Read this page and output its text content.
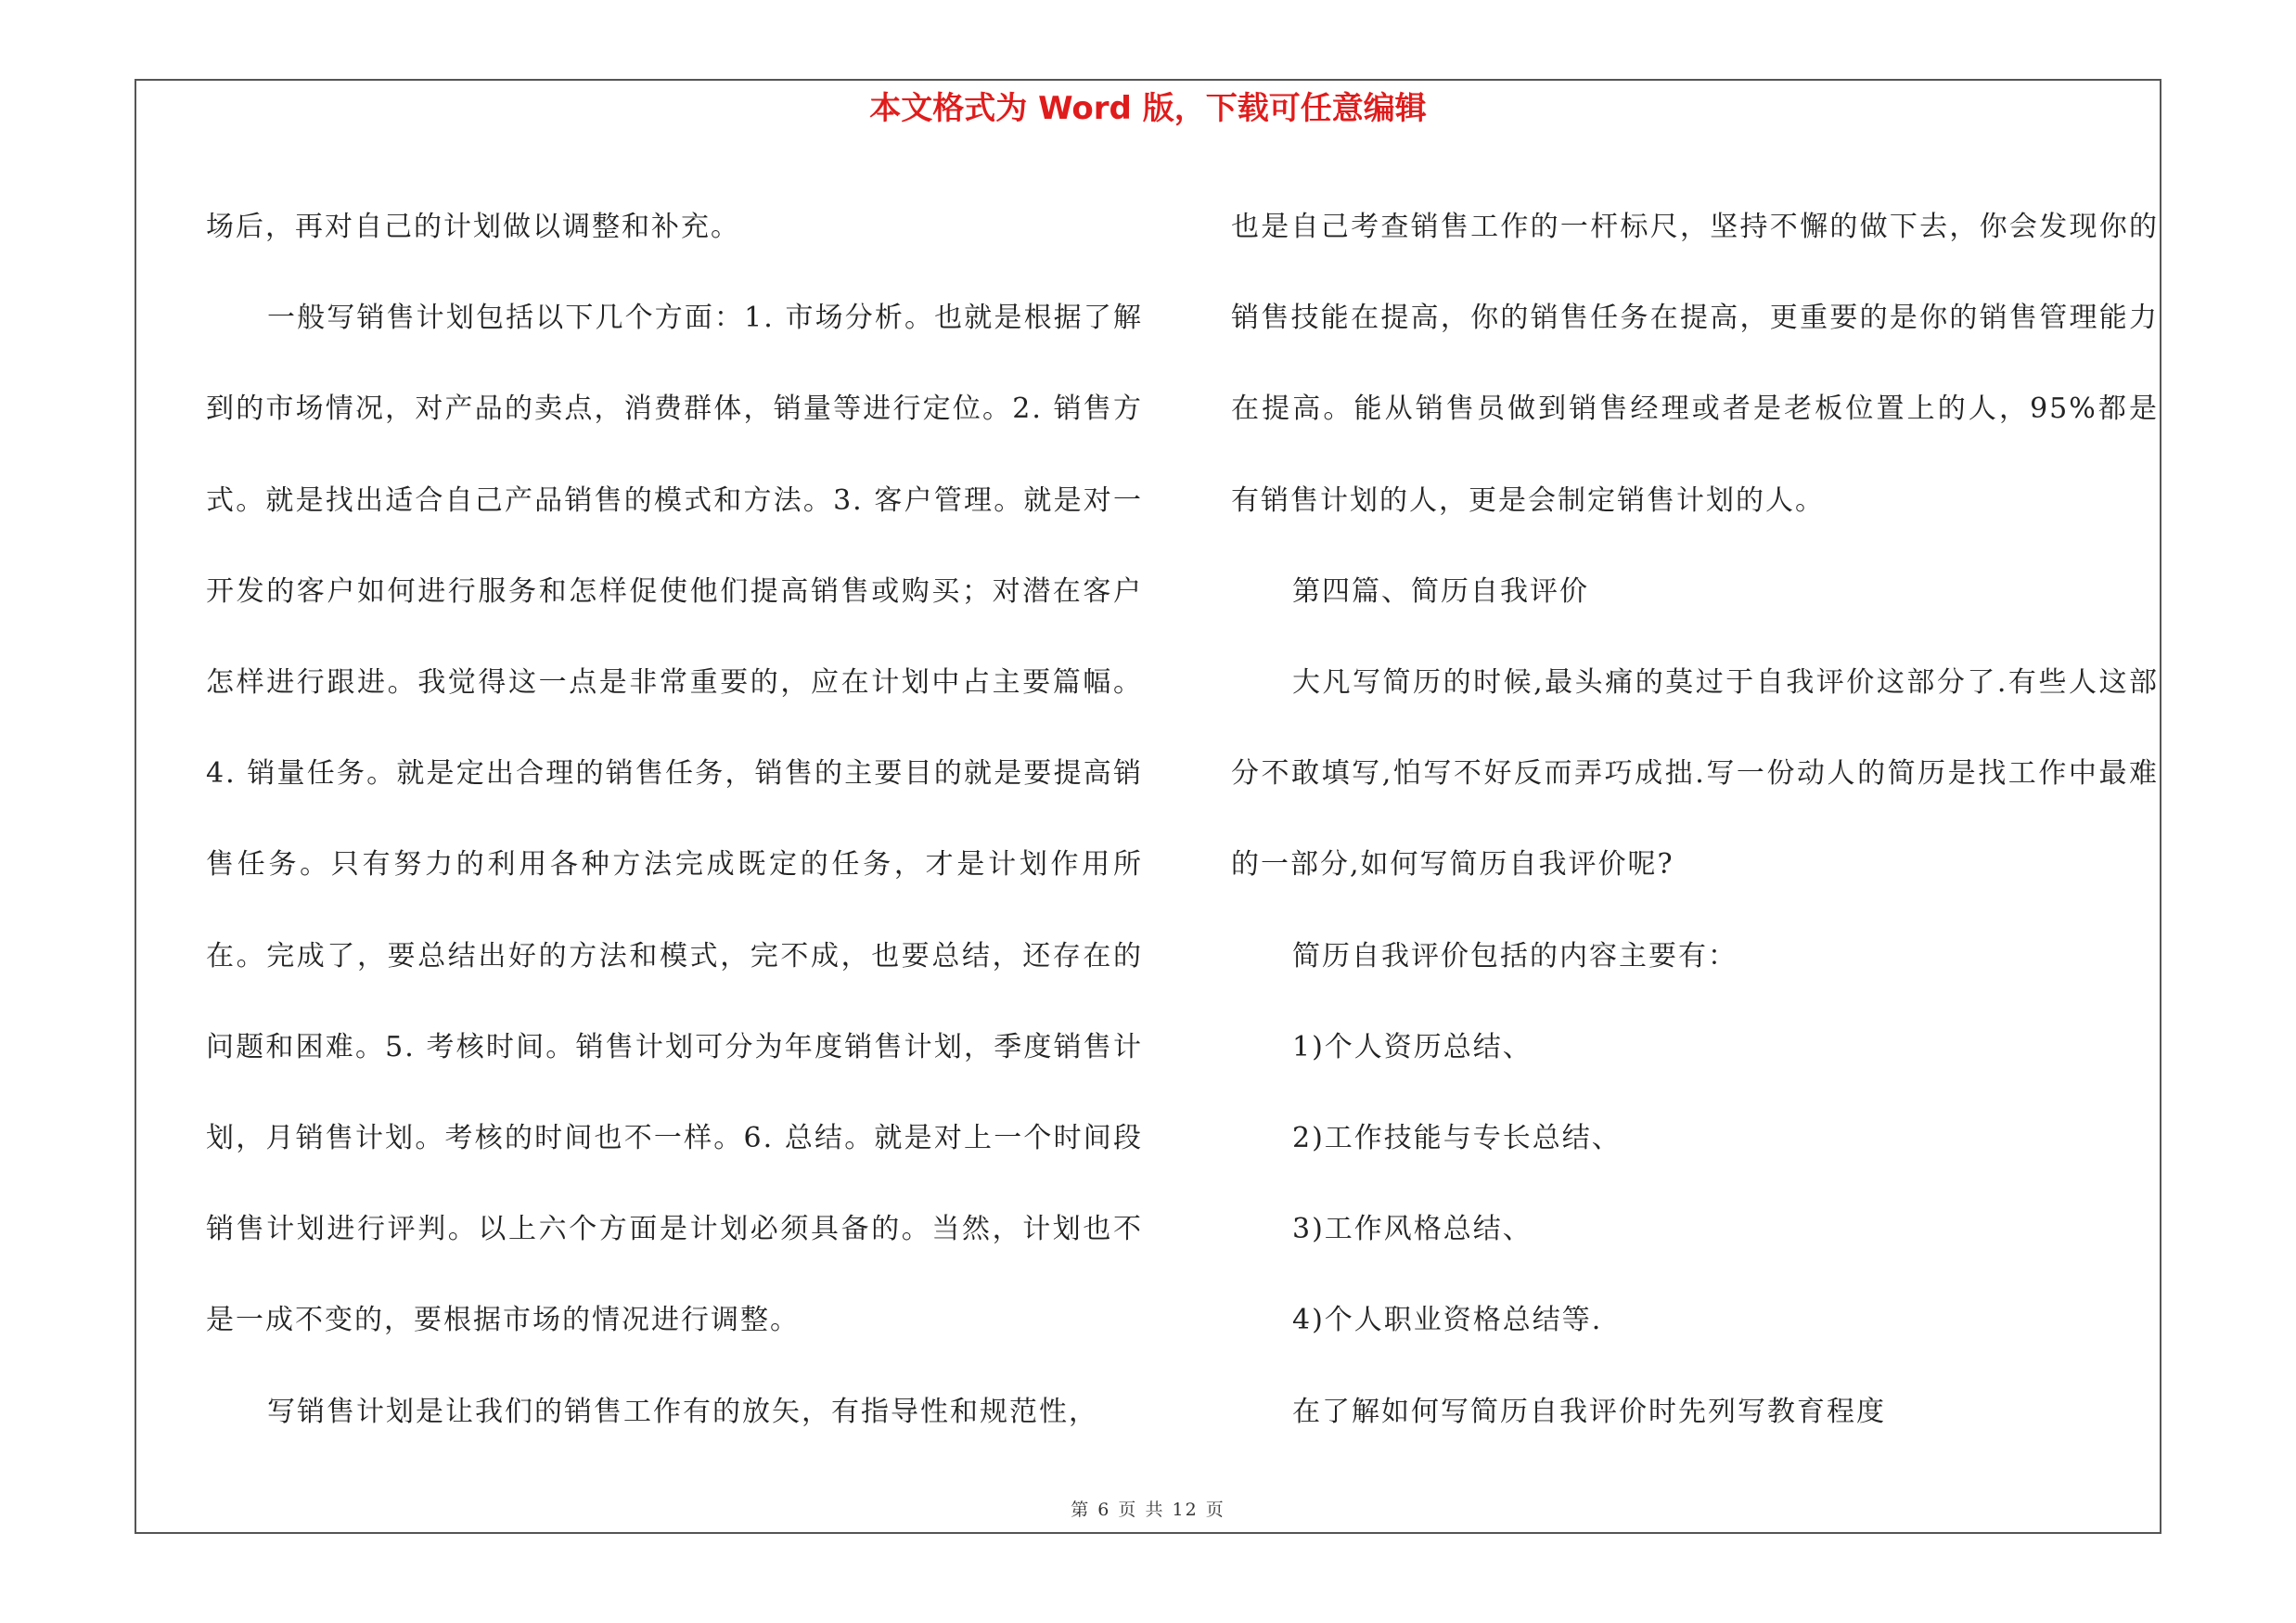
本文格式为 Word 版，下载可任意编辑

场后，再对自己的计划做以调整和补充。

一般写销售计划包括以下几个方面：1. 市场分析。也就是根据了解到的市场情况，对产品的卖点，消费群体，销量等进行定位。2. 销售方式。就是找出适合自己产品销售的模式和方法。3. 客户管理。就是对一开发的客户如何进行服务和怎样促使他们提高销售或购买；对潜在客户怎样进行跟进。我觉得这一点是非常重要的，应在计划中占主要篇幅。4. 销量任务。就是定出合理的销售任务，销售的主要目的就是要提高销售任务。只有努力的利用各种方法完成既定的任务，才是计划作用所在。完成了，要总结出好的方法和模式，完不成，也要总结，还存在的问题和困难。5. 考核时间。销售计划可分为年度销售计划，季度销售计划，月销售计划。考核的时间也不一样。6. 总结。就是对上一个时间段销售计划进行评判。以上六个方面是计划必须具备的。当然，计划也不是一成不变的，要根据市场的情况进行调整。

写销售计划是让我们的销售工作有的放矢，有指导性和规范性，

也是自己考查销售工作的一杆标尺，坚持不懈的做下去，你会发现你的销售技能在提高，你的销售任务在提高，更重要的是你的销售管理能力在提高。能从销售员做到销售经理或者是老板位置上的人，95%都是有销售计划的人，更是会制定销售计划的人。

第四篇、简历自我评价

大凡写简历的时候,最头痛的莫过于自我评价这部分了.有些人这部分不敢填写,怕写不好反而弄巧成拙.写一份动人的简历是找工作中最难的一部分,如何写简历自我评价呢?

简历自我评价包括的内容主要有：

1)个人资历总结、

2)工作技能与专长总结、

3)工作风格总结、

4)个人职业资格总结等.

在了解如何写简历自我评价时先列写教育程度

第 6 页 共 12 页
